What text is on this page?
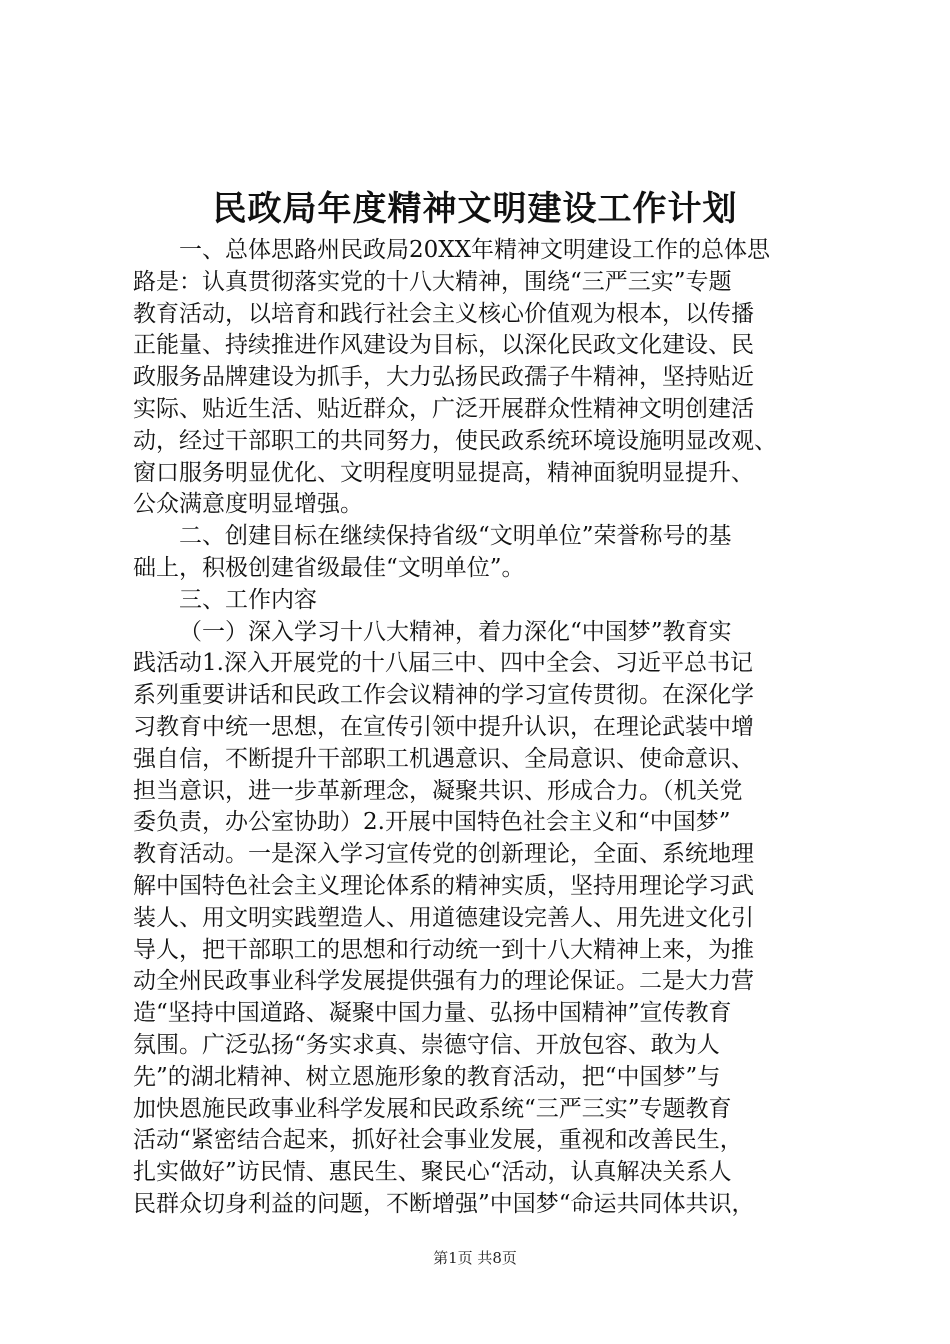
民政局年度精神文明建设工作计划
一、总体思路州民政局20XX年精神文明建设工作的总体思
路是：认真贯彻落实党的十八大精神，围绕“三严三实”专题
教育活动，以培育和践行社会主义核心价值观为根本，以传播
正能量、持续推进作风建设为目标，以深化民政文化建设、民
政服务品牌建设为抓手，大力弘扬民政孺子牛精神，坚持贴近
实际、贴近生活、贴近群众，广泛开展群众性精神文明创建活
动，经过干部职工的共同努力，使民政系统环境设施明显改观、
窗口服务明显优化、文明程度明显提高，精神面貌明显提升、
公众满意度明显增强。
二、创建目标在继续保持省级“文明单位”荣誉称号的基
础上，积极创建省级最佳“文明单位”。
三、工作内容
（一）深入学习十八大精神，着力深化“中国梦”教育实
践活动1.深入开展党的十八届三中、四中全会、习近平总书记
系列重要讲话和民政工作会议精神的学习宣传贯彻。在深化学
习教育中统一思想，在宣传引领中提升认识，在理论武装中增
强自信，不断提升干部职工机遇意识、全局意识、使命意识、
担当意识，进一步革新理念，凝聚共识、形成合力。（机关党
委负责，办公室协助）2.开展中国特色社会主义和“中国梦”
教育活动。一是深入学习宣传党的创新理论，全面、系统地理
解中国特色社会主义理论体系的精神实质，坚持用理论学习武
装人、用文明实践塑造人、用道德建设完善人、用先进文化引
导人，把干部职工的思想和行动统一到十八大精神上来，为推
动全州民政事业科学发展提供强有力的理论保证。二是大力营
造“坚持中国道路、凝聚中国力量、弘扬中国精神”宣传教育
氛围。广泛弘扬“务实求真、崇德守信、开放包容、敢为人
先”的湖北精神、树立恩施形象的教育活动，把“中国梦”与
加快恩施民政事业科学发展和民政系统“三严三实”专题教育
活动“紧密结合起来，抓好社会事业发展，重视和改善民生，
扎实做好”访民情、惠民生、聚民心“活动，认真解决关系人
民群众切身利益的问题，不断增强”中国梦“命运共同体共识，
第1页 共8页
